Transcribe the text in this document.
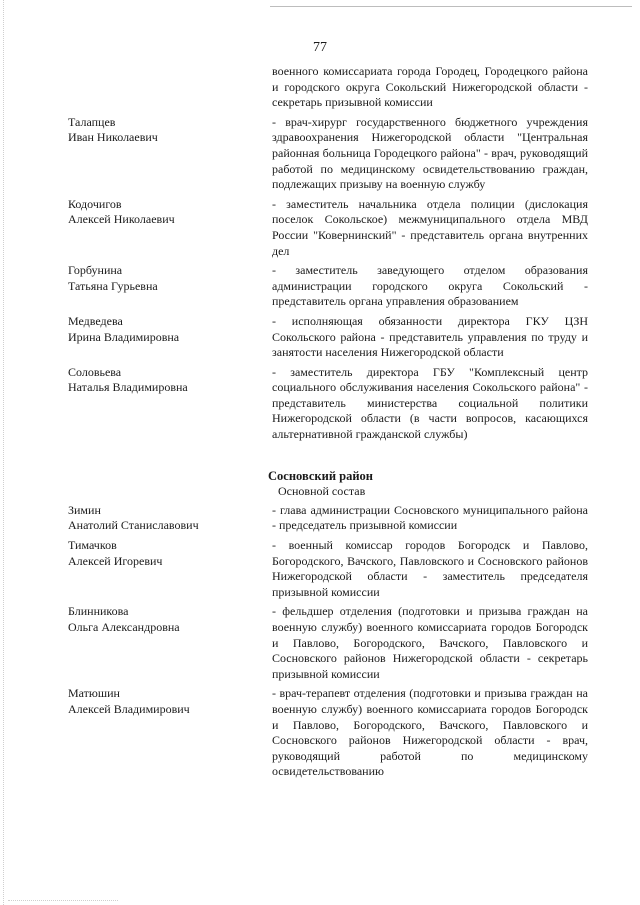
77
военного комиссариата города Городец, Городецкого района и городского округа Сокольский Нижегородской области - секретарь призывной комиссии
Талапцев
Иван Николаевич
- врач-хирург государственного бюджетного учреждения здравоохранения Нижегородской области "Центральная районная больница Городецкого района" - врач, руководящий работой по медицинскому освидетельствованию граждан, подлежащих призыву на военную службу
Кодочигов
Алексей Николаевич
- заместитель начальника отдела полиции (дислокация поселок Сокольское) межмуниципального отдела МВД России "Ковернинский" - представитель органа внутренних дел
Горбунина
Татьяна Гурьевна
- заместитель заведующего отделом образования администрации городского округа Сокольский - представитель органа управления образованием
Медведева
Ирина Владимировна
- исполняющая обязанности директора ГКУ ЦЗН Сокольского района - представитель управления по труду и занятости населения Нижегородской области
Соловьева
Наталья Владимировна
- заместитель директора ГБУ "Комплексный центр социального обслуживания населения Сокольского района" - представитель министерства социальной политики Нижегородской области (в части вопросов, касающихся альтернативной гражданской службы)
Сосновский район
Основной состав
Зимин
Анатолий Станиславович
- глава администрации Сосновского муниципального района - председатель призывной комиссии
Тимачков
Алексей Игоревич
- военный комиссар городов Богородск и Павлово, Богородского, Вачского, Павловского и Сосновского районов Нижегородской области - заместитель председателя призывной комиссии
Блинникова
Ольга Александровна
- фельдшер отделения (подготовки и призыва граждан на военную службу) военного комиссариата городов Богородск и Павлово, Богородского, Вачского, Павловского и Сосновского районов Нижегородской области - секретарь призывной комиссии
Матюшин
Алексей Владимирович
- врач-терапевт отделения (подготовки и призыва граждан на военную службу) военного комиссариата городов Богородск и Павлово, Богородского, Вачского, Павловского и Сосновского районов Нижегородской области - врач, руководящий работой по медицинскому освидетельствованию
